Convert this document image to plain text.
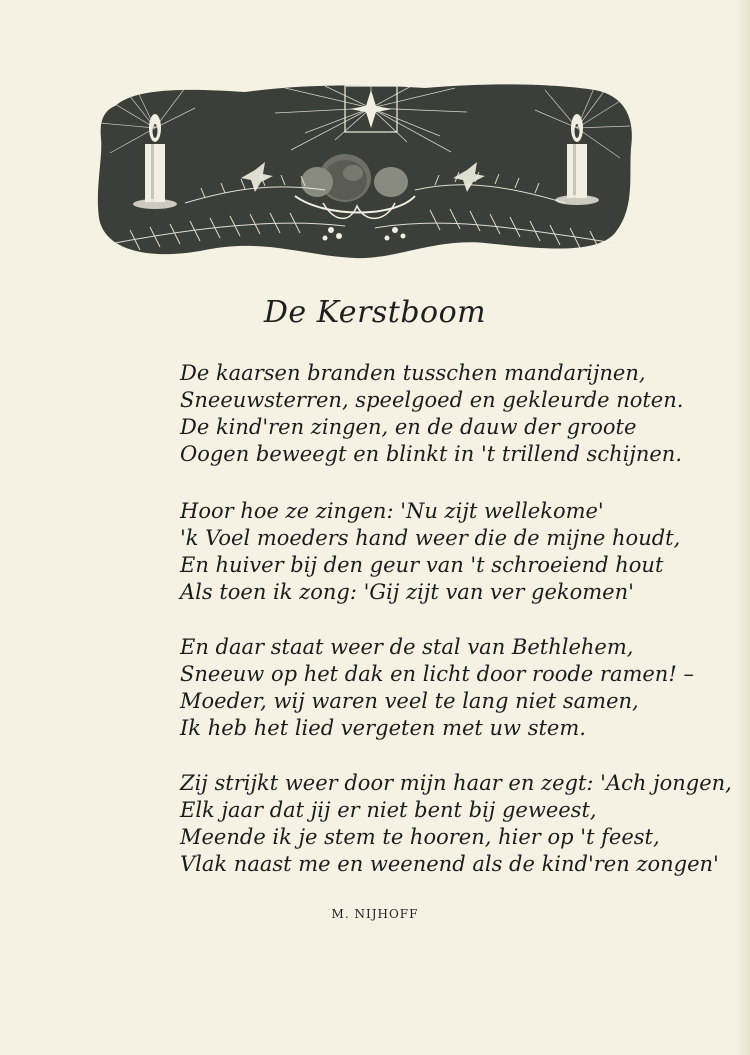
De Kerstboom
De kaarsen branden tusschen mandarijnen,
Sneeuwsterren, speelgoed en gekleurde noten.
De kind'ren zingen, en de dauw der groote
Oogen beweegt en blinkt in 't trillend schijnen.
Hoor hoe ze zingen: 'Nu zijt wellekome'
'k Voel moeders hand weer die de mijne houdt,
En huiver bij den geur van 't schroeiend hout
Als toen ik zong: 'Gij zijt van ver gekomen'
En daar staat weer de stal van Bethlehem,
Sneeuw op het dak en licht door roode ramen! –
Moeder, wij waren veel te lang niet samen,
Ik heb het lied vergeten met uw stem.
Zij strijkt weer door mijn haar en zegt: 'Ach jongen,
Elk jaar dat jij er niet bent bij geweest,
Meende ik je stem te hooren, hier op 't feest,
Vlak naast me en weenend als de kind'ren zongen'
M. NIJHOFF
